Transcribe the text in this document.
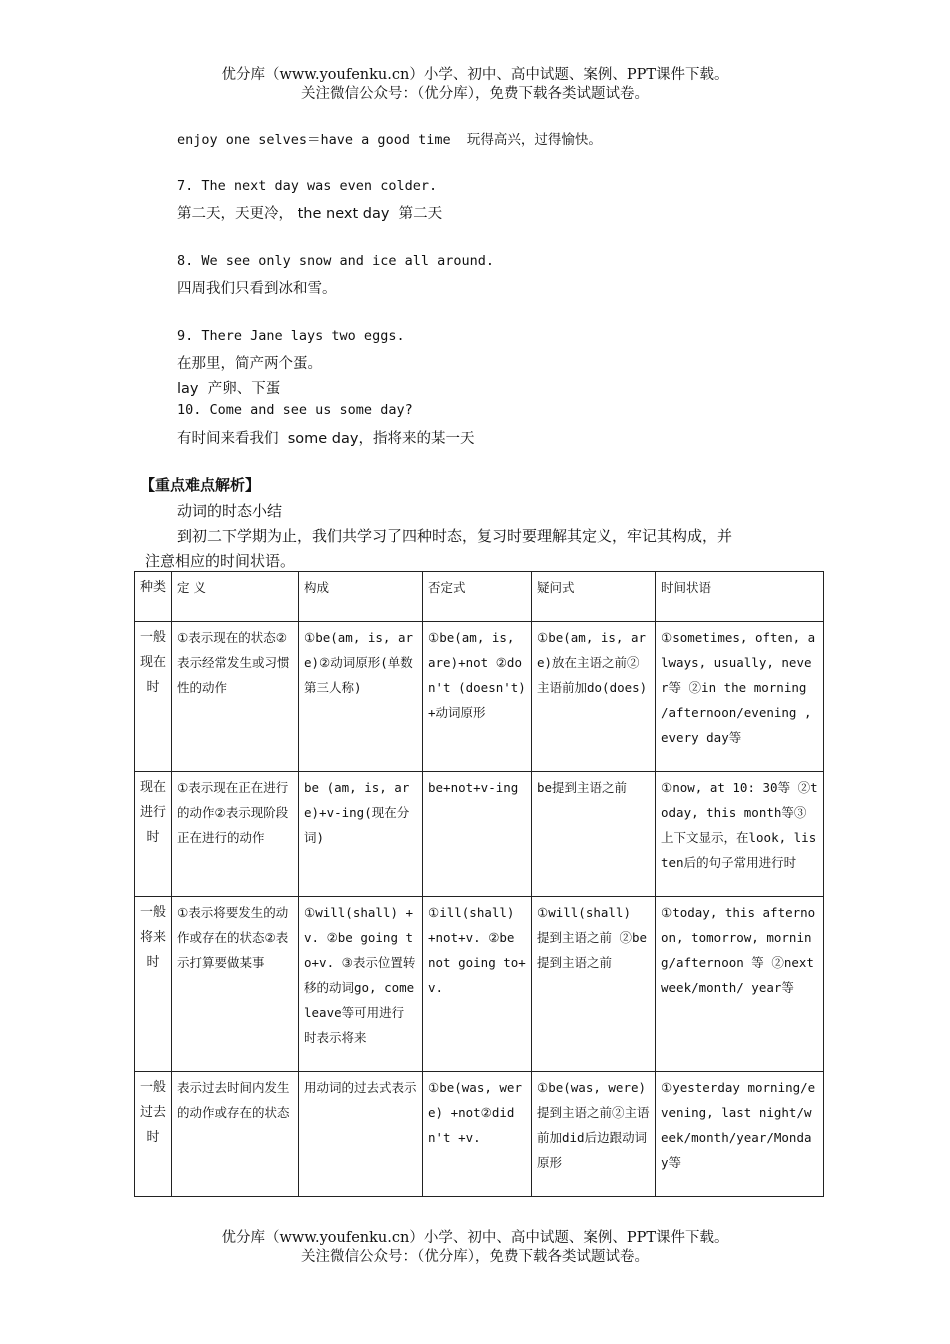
优分库（www.youfenku.cn）小学、初中、高中试题、案例、PPT课件下载。
关注微信公众号：（优分库），免费下载各类试题试卷。
enjoy one selves＝have a good time  玩得高兴，过得愉快。
7. The next day was even colder.
第二天，天更冷， the next day  第二天
8. We see only snow and ice all around.
四周我们只看到冰和雪。
9. There Jane lays two eggs.
在那里，简产两个蛋。
lay  产卵、下蛋
10. Come and see us some day?
有时间来看我们  some day，指将来的某一天
【重点难点解析】
动词的时态小结
到初二下学期为止，我们共学习了四种时态，复习时要理解其定义，牢记其构成，并
注意相应的时间状语。
种类	定 义	构成	否定式	疑问式	时间状语
一般现在时	①表示现在的状态②表示经常发生或习惯性的动作	①be(am, is, are)②动词原形(单数第三人称)	①be(am, is, are)+not ②don't (doesn't)+动词原形	①be(am, is, are)放在主语之前②主语前加do(does)	①sometimes, often, always, usually, never等 ②in the morning /afternoon/evening , every day等
现在进行时	①表示现在正在进行的动作②表示现阶段正在进行的动作	be (am, is, are)+v-ing(现在分词)	be+not+v-ing	be提到主语之前	①now, at 10: 30等 ②today, this month等③上下文显示，在look, listen后的句子常用进行时
一般将来时	①表示将要发生的动作或存在的状态②表示打算要做某事	①will(shall) +v. ②be going to+v. ③表示位置转移的动词go, come leave等可用进行 时表示将来	①ill(shall) +not+v. ②be not going to+v.	①will(shall) 提到主语之前 ②be提到主语之前	①today, this afternoon, tomorrow, morning/afternoon 等 ②next week/month/ year等
一般过去时	表示过去时间内发生的动作或存在的状态	用动词的过去式表示	①be(was, were) +not②didn't +v.	①be(was, were)提到主语之前②主语前加did后边跟动词原形	①yesterday morning/evening, last night/week/month/year/Monday等
优分库（www.youfenku.cn）小学、初中、高中试题、案例、PPT课件下载。
关注微信公众号：（优分库），免费下载各类试题试卷。
